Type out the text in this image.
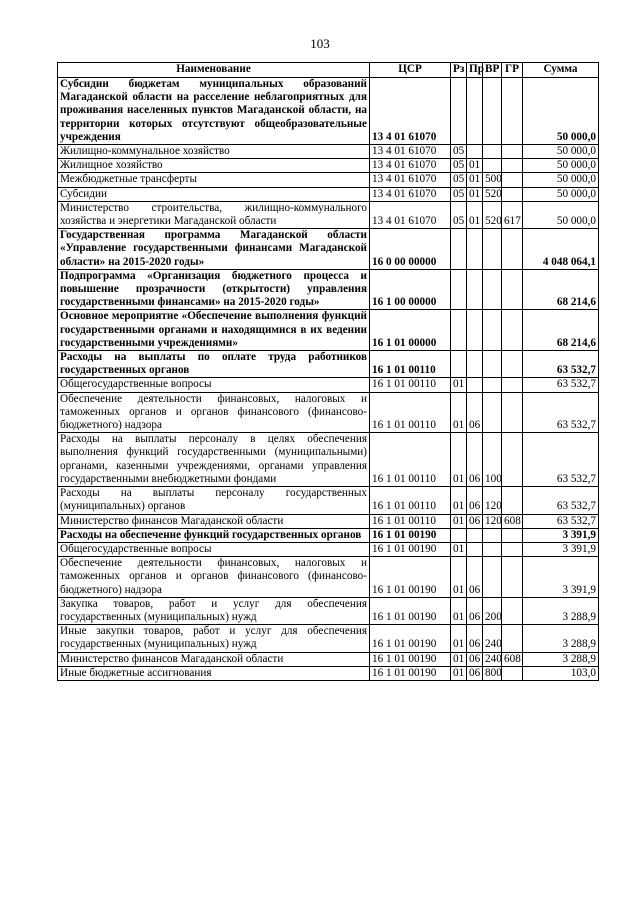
103
Наименование	ЦСР	Рз	Пр	ВР	ГР	Сумма
Субсидии бюджетам муниципальных образований Магаданской области на расселение неблагоприятных для проживания населенных пунктов Магаданской области, на территории которых отсутствуют общеобразовательные учреждения	13 4 01 61070					50 000,0
Жилищно-коммунальное хозяйство	13 4 01 61070	05				50 000,0
Жилищное хозяйство	13 4 01 61070	05	01			50 000,0
Межбюджетные трансферты	13 4 01 61070	05	01	500		50 000,0
Субсидии	13 4 01 61070	05	01	520		50 000,0
Министерство строительства, жилищно-коммунального хозяйства и энергетики Магаданской области	13 4 01 61070	05	01	520	617	50 000,0
Государственная программа Магаданской области «Управление государственными финансами Магаданской области» на 2015-2020 годы»	16 0 00 00000					4 048 064,1
Подпрограмма «Организация бюджетного процесса и повышение прозрачности (открытости) управления государственными финансами» на 2015-2020 годы»	16 1 00 00000					68 214,6
Основное мероприятие «Обеспечение выполнения функций государственными органами и находящимися в их ведении государственными учреждениями»	16 1 01 00000					68 214,6
Расходы на выплаты по оплате труда работников государственных органов	16 1 01 00110					63 532,7
Общегосударственные вопросы	16 1 01 00110	01				63 532,7
Обеспечение деятельности финансовых, налоговых и таможенных органов и органов финансового (финансово-бюджетного) надзора	16 1 01 00110	01	06			63 532,7
Расходы на выплаты персоналу в целях обеспечения выполнения функций государственными (муниципальными) органами, казенными учреждениями, органами управления государственными внебюджетными фондами	16 1 01 00110	01	06	100		63 532,7
Расходы на выплаты персоналу государственных (муниципальных) органов	16 1 01 00110	01	06	120		63 532,7
Министерство финансов Магаданской области	16 1 01 00110	01	06	120	608	63 532,7
Расходы на обеспечение функций государственных органов	16 1 01 00190					3 391,9
Общегосударственные вопросы	16 1 01 00190	01				3 391,9
Обеспечение деятельности финансовых, налоговых и таможенных органов и органов финансового (финансово-бюджетного) надзора	16 1 01 00190	01	06			3 391,9
Закупка товаров, работ и услуг для обеспечения государственных (муниципальных) нужд	16 1 01 00190	01	06	200		3 288,9
Иные закупки товаров, работ и услуг для обеспечения государственных (муниципальных) нужд	16 1 01 00190	01	06	240		3 288,9
Министерство финансов Магаданской области	16 1 01 00190	01	06	240	608	3 288,9
Иные бюджетные ассигнования	16 1 01 00190	01	06	800		103,0
